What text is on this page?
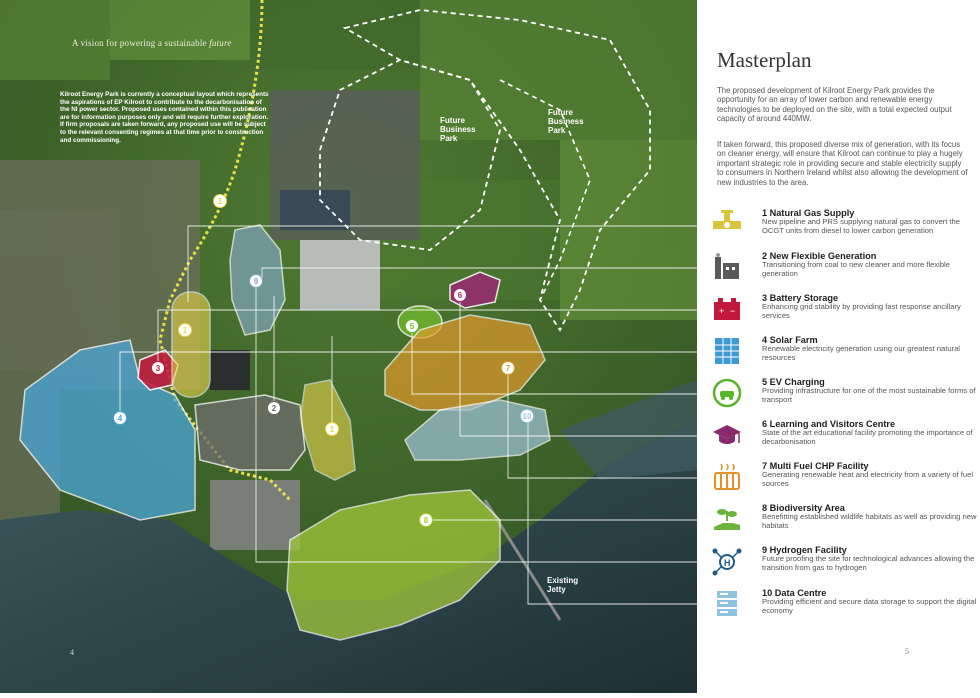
A vision for powering a sustainable future

Kilroot Energy Park is currently a conceptual layout which represents the aspirations of EP Kilroot to contribute to the decarbonisation of the NI power sector. Proposed uses contained within this publication are for information purposes only and will require further exploration.

If firm proposals are taken forward, any proposed use will be subject to the relevant consenting regimes at that time prior to construction and commissioning.

Future
Business
Park
Future
Business
Park
Existing
Jetty
1
1
1
2
3
4
5
6
7
8
9
10
4
Masterplan
The proposed development of Kilroot Energy Park provides the opportunity for an array of lower carbon and renewable energy technologies to be deployed on the site, with a total expected output capacity of around 440MW.
If taken forward, this proposed diverse mix of generation, with its focus on cleaner energy, will ensure that Kilroot can continue to play a hugely important strategic role in providing secure and stable electricity supply to consumers in Northern Ireland whilst also allowing the development of new industries to the area.
1 Natural Gas Supply
New pipeline and PRS supplying natural gas to convert the OCGT units from diesel to lower carbon generation
2 New Flexible Generation
Transitioning from coal to new cleaner and more flexible generation
+ −
3 Battery Storage
Enhancing grid stability by providing fast response ancillary services
4 Solar Farm
Renewable electricity generation using our greatest natural resources
5 EV Charging
Providing infrastructure for one of the most sustainable forms of transport
6 Learning and Visitors Centre
State of the art educational facility promoting the importance of decarbonisation
7 Multi Fuel CHP Facility
Generating renewable heat and electricity from a variety of fuel sources
8 Biodiversity Area
Benefitting established wildlife habitats as well as providing new habitats
H
9 Hydrogen Facility
Future proofing the site for technological advances allowing the transition from gas to hydrogen
10 Data Centre
Providing efficient and secure data storage to support the digital economy
5
